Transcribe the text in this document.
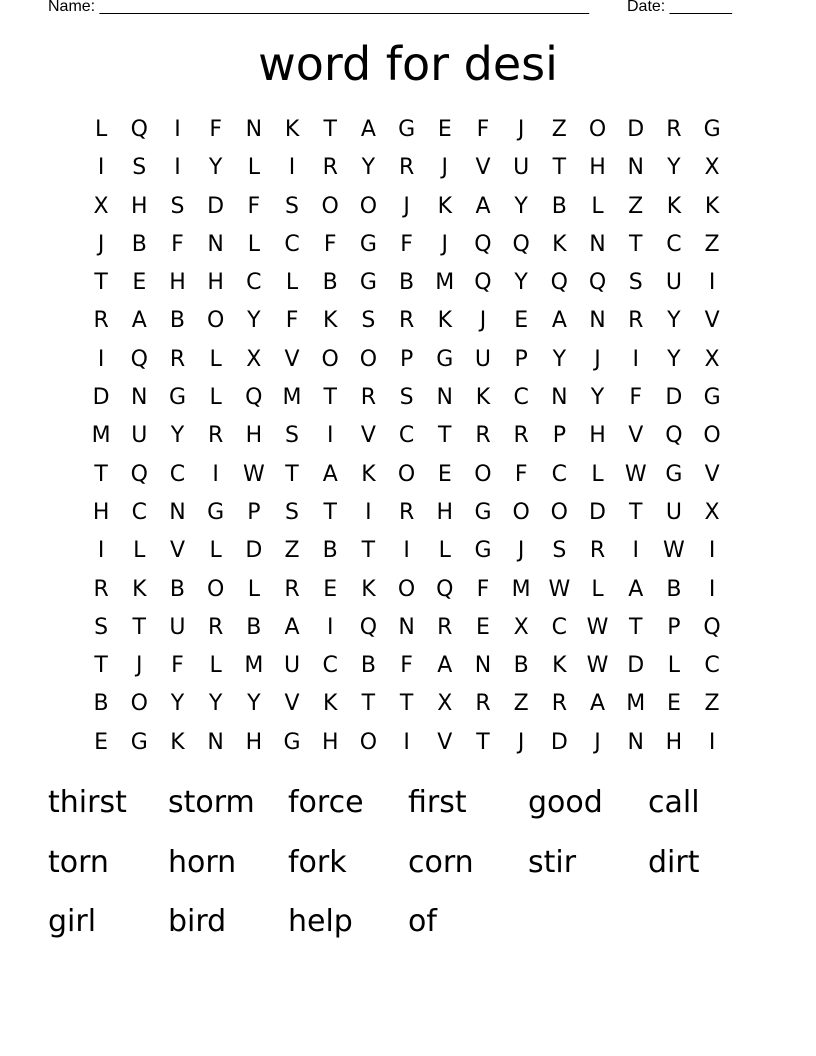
Name: _______________________________________________________ Date: _______
word for desi
L	Q	I	F	N	K	T	A	G	E	F	J	Z O D	R	G
I	S	I	Y	L	I	R	Y	R	J	V	U	T	H N	Y	X
X	H	S	D	F	S	O O	J	K	A	Y	B	L	Z	K	K
J	B	F	N	L	C	F	G	F	J	Q Q	K	N	T	C	Z
T	E	H H	C	L	B	G	B M Q	Y	Q Q	S	U	I
R	A	B O	Y	F	K	S	R	K	J	E	A	N	R	Y	V
I	Q R	L	X	V O O	P	G U	P	Y	J	I	Y	X
D N G	L	Q M T	R	S	N	K	C	N	Y	F	D G
M U	Y	R	H	S	I	V	C	T	R	R	P	H	V Q O
T	Q C	I	W T	A	K	O	E	O	F	C	L W G	V
H	C	N G	P	S	T	I	R	H G O O D	T	U	X
I	L	V	L	D	Z	B	T	I	L	G	J	S	R	I	W	I
R	K	B O	L	R	E	K	O Q	F	M W L	A	B	I
S	T	U	R	B	A	I	Q N	R	E	X	C W T	P	Q
T	J	F	L	M U	C	B	F	A	N	B	K W D	L	C
B O	Y	Y	Y	V	K	T	T	X	R	Z	R	A M E	Z
E	G	K	N H G H O	I	V	T	J	D	J	N H	I
thirst	storm	force	first	good	call
torn	horn	fork	corn	stir	dirt
girl	bird	help	of
